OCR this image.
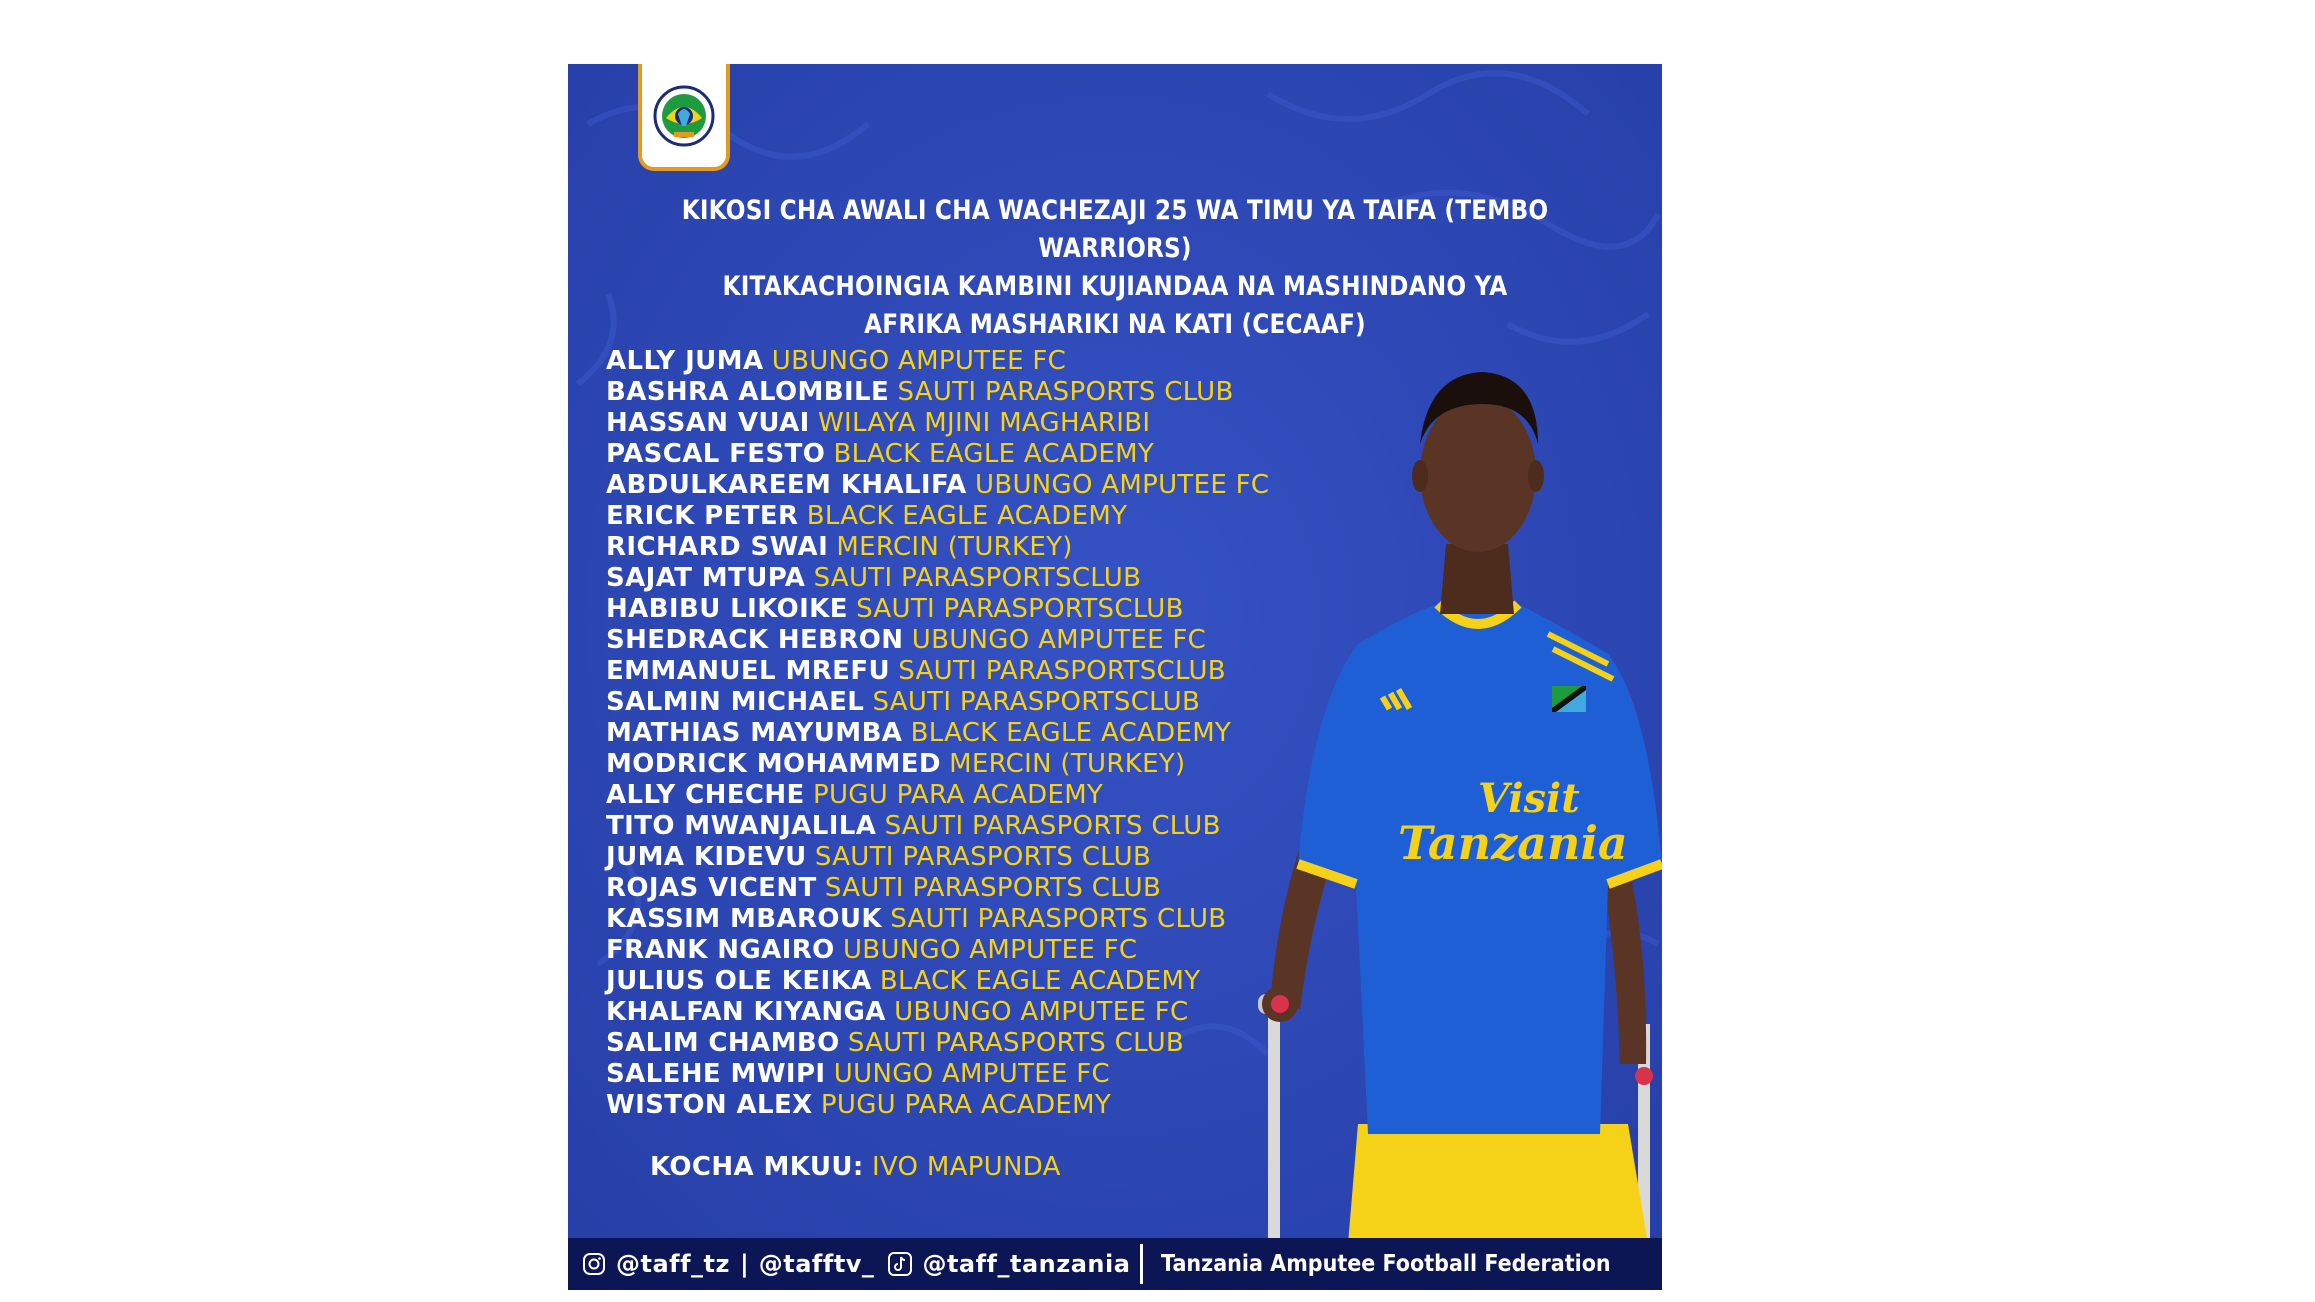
KIKOSI CHA AWALI CHA WACHEZAJI 25 WA TIMU YA TAIFA (TEMBO WARRIORS)
KITAKACHOINGIA KAMBINI KUJIANDAA NA MASHINDANO YA
AFRIKA MASHARIKI NA KATI (CECAAF)
ALLY JUMA UBUNGO AMPUTEE FC
BASHRA ALOMBILE SAUTI PARASPORTS CLUB
HASSAN VUAI WILAYA MJINI MAGHARIBI
PASCAL FESTO BLACK EAGLE ACADEMY
ABDULKAREEM KHALIFA UBUNGO AMPUTEE FC
ERICK PETER BLACK EAGLE ACADEMY
RICHARD SWAI MERCIN (TURKEY)
SAJAT MTUPA SAUTI PARASPORTSCLUB
HABIBU LIKOIKE SAUTI PARASPORTSCLUB
SHEDRACK HEBRON UBUNGO AMPUTEE FC
EMMANUEL MREFU SAUTI PARASPORTSCLUB
SALMIN MICHAEL SAUTI PARASPORTSCLUB
MATHIAS MAYUMBA BLACK EAGLE ACADEMY
MODRICK MOHAMMED MERCIN (TURKEY)
ALLY CHECHE PUGU PARA ACADEMY
TITO MWANJALILA SAUTI PARASPORTS CLUB
JUMA KIDEVU SAUTI PARASPORTS CLUB
ROJAS VICENT SAUTI PARASPORTS CLUB
KASSIM MBAROUK SAUTI PARASPORTS CLUB
FRANK NGAIRO UBUNGO AMPUTEE FC
JULIUS OLE KEIKA BLACK EAGLE ACADEMY
KHALFAN KIYANGA UBUNGO AMPUTEE FC
SALIM CHAMBO SAUTI PARASPORTS CLUB
SALEHE MWIPI UUNGO AMPUTEE FC
WISTON ALEX PUGU PARA ACADEMY
KOCHA MKUU: IVO MAPUNDA
Visit
Tanzania
@taff_tz | @tafftv_ @taff_tanzania Tanzania Amputee Football Federation
